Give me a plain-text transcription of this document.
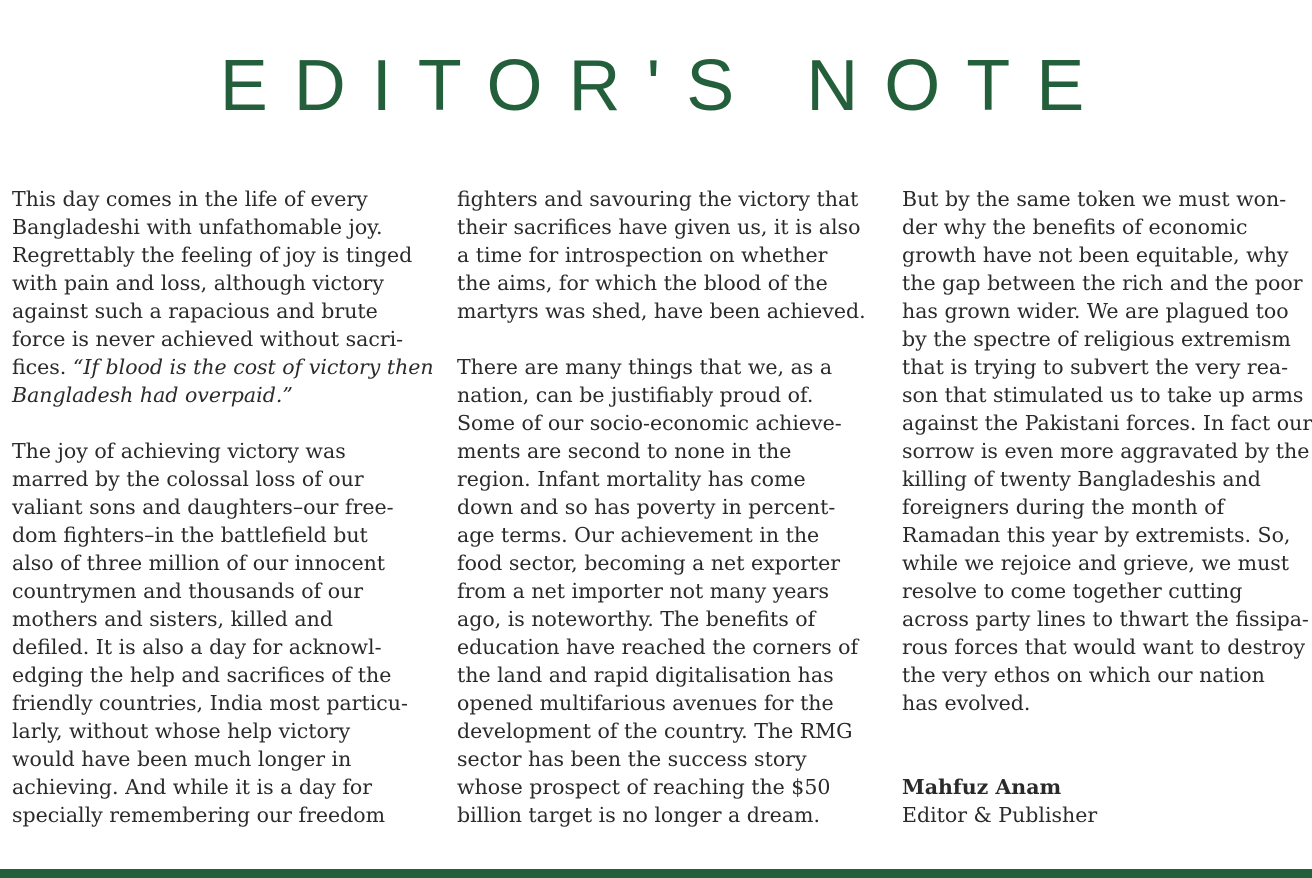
EDITOR'S NOTE

This day comes in the life of every
Bangladeshi with unfathomable joy.
Regrettably the feeling of joy is tinged
with pain and loss, although victory
against such a rapacious and brute
force is never achieved without sacri-
fices. “If blood is the cost of victory then
Bangladesh had overpaid.”

The joy of achieving victory was
marred by the colossal loss of our
valiant sons and daughters–our free-
dom fighters–in the battlefield but
also of three million of our innocent
countrymen and thousands of our
mothers and sisters, killed and
defiled. It is also a day for acknowl-
edging the help and sacrifices of the
friendly countries, India most particu-
larly, without whose help victory
would have been much longer in
achieving. And while it is a day for
specially remembering our freedom

fighters and savouring the victory that
their sacrifices have given us, it is also
a time for introspection on whether
the aims, for which the blood of the
martyrs was shed, have been achieved.

There are many things that we, as a
nation, can be justifiably proud of.
Some of our socio-economic achieve-
ments are second to none in the
region. Infant mortality has come
down and so has poverty in percent-
age terms. Our achievement in the
food sector, becoming a net exporter
from a net importer not many years
ago, is noteworthy. The benefits of
education have reached the corners of
the land and rapid digitalisation has
opened multifarious avenues for the
development of the country. The RMG
sector has been the success story
whose prospect of reaching the $50
billion target is no longer a dream.

But by the same token we must won-
der why the benefits of economic
growth have not been equitable, why
the gap between the rich and the poor
has grown wider. We are plagued too
by the spectre of religious extremism
that is trying to subvert the very rea-
son that stimulated us to take up arms
against the Pakistani forces. In fact our
sorrow is even more aggravated by the
killing of twenty Bangladeshis and
foreigners during the month of
Ramadan this year by extremists. So,
while we rejoice and grieve, we must
resolve to come together cutting
across party lines to thwart the fissipa-
rous forces that would want to destroy
the very ethos on which our nation
has evolved.

Mahfuz Anam
Editor & Publisher
